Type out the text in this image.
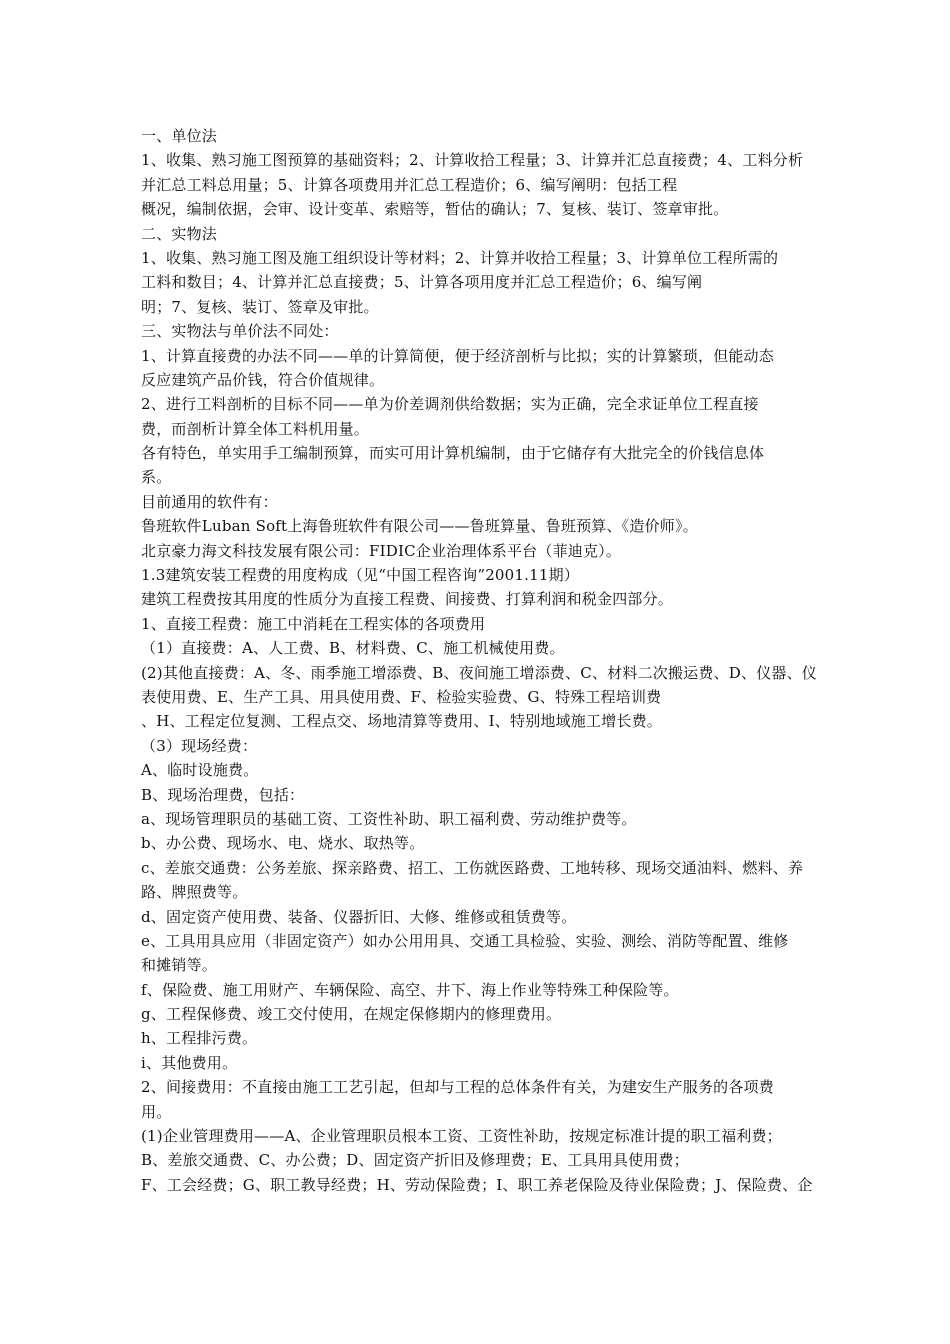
一、单位法
1、收集、熟习施工图预算的基础资料；2、计算收拾工程量；3、计算并汇总直接费；4、工料分析
并汇总工料总用量；5、计算各项费用并汇总工程造价；6、编写阐明：包括工程
概况，编制依据，会审、设计变革、索赔等，暂估的确认；7、复核、装订、签章审批。
二、实物法
1、收集、熟习施工图及施工组织设计等材料；2、计算并收拾工程量；3、计算单位工程所需的
工料和数目；4、计算并汇总直接费；5、计算各项用度并汇总工程造价；6、编写阐
明；7、复核、装订、签章及审批。
三、实物法与单价法不同处：
1、计算直接费的办法不同——单的计算简便，便于经济剖析与比拟；实的计算繁琐，但能动态
反应建筑产品价钱，符合价值规律。
2、进行工料剖析的目标不同——单为价差调剂供给数据；实为正确，完全求证单位工程直接
费，而剖析计算全体工料机用量。
各有特色，单实用手工编制预算，而实可用计算机编制，由于它储存有大批完全的价钱信息体
系。
目前通用的软件有：
鲁班软件Luban Soft上海鲁班软件有限公司——鲁班算量、鲁班预算、《造价师》。
北京豪力海文科技发展有限公司：FIDIC企业治理体系平台（菲迪克）。
1.3建筑安装工程费的用度构成（见“中国工程咨询”2001.11期）
建筑工程费按其用度的性质分为直接工程费、间接费、打算利润和税金四部分。
1、直接工程费：施工中消耗在工程实体的各项费用
（1）直接费：A、人工费、B、材料费、C、施工机械使用费。
(2)其他直接费：A、冬、雨季施工增添费、B、夜间施工增添费、C、材料二次搬运费、D、仪器、仪
表使用费、E、生产工具、用具使用费、F、检验实验费、G、特殊工程培训费
、H、工程定位复测、工程点交、场地清算等费用、I、特别地域施工增长费。
（3）现场经费：
A、临时设施费。
B、现场治理费，包括：
a、现场管理职员的基础工资、工资性补助、职工福利费、劳动维护费等。
b、办公费、现场水、电、烧水、取热等。
c、差旅交通费：公务差旅、探亲路费、招工、工伤就医路费、工地转移、现场交通油料、燃料、养
路、牌照费等。
d、固定资产使用费、装备、仪器折旧、大修、维修或租赁费等。
e、工具用具应用（非固定资产）如办公用用具、交通工具检验、实验、测绘、消防等配置、维修
和摊销等。
f、保险费、施工用财产、车辆保险、高空、井下、海上作业等特殊工种保险等。
g、工程保修费、竣工交付使用，在规定保修期内的修理费用。
h、工程排污费。
i、其他费用。
2、间接费用：不直接由施工工艺引起，但却与工程的总体条件有关，为建安生产服务的各项费
用。
(1)企业管理费用——A、企业管理职员根本工资、工资性补助，按规定标准计提的职工福利费；
B、差旅交通费、C、办公费；D、固定资产折旧及修理费；E、工具用具使用费；
F、工会经费；G、职工教导经费；H、劳动保险费；I、职工养老保险及待业保险费；J、保险费、企
